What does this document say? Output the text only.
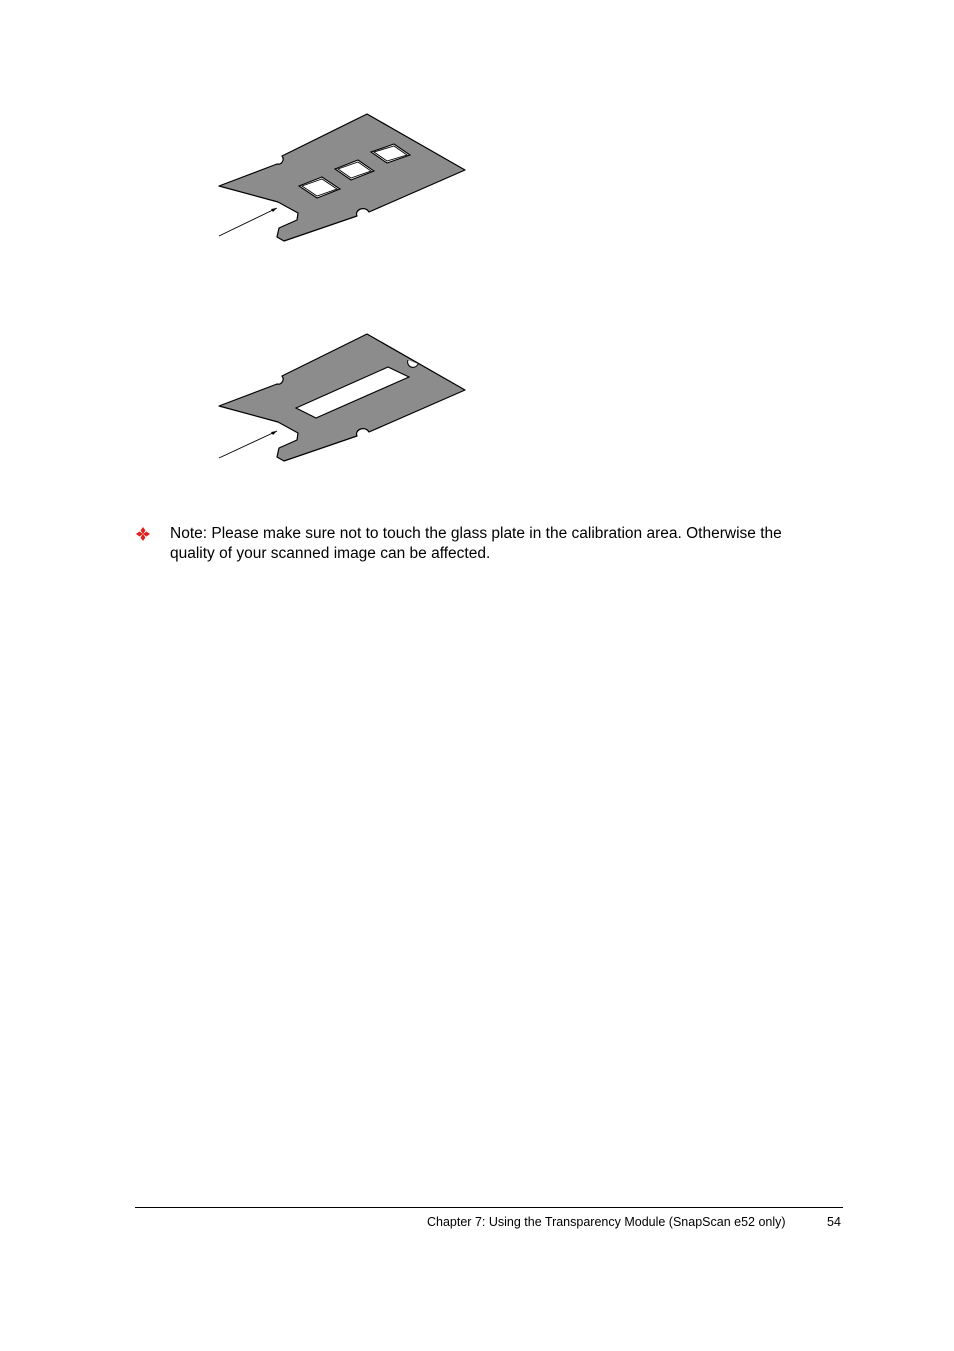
Note: Please make sure not to touch the glass plate in the calibration area. Otherwise the quality of your scanned image can be affected.
Chapter 7: Using the Transparency Module (SnapScan e52 only)	54
